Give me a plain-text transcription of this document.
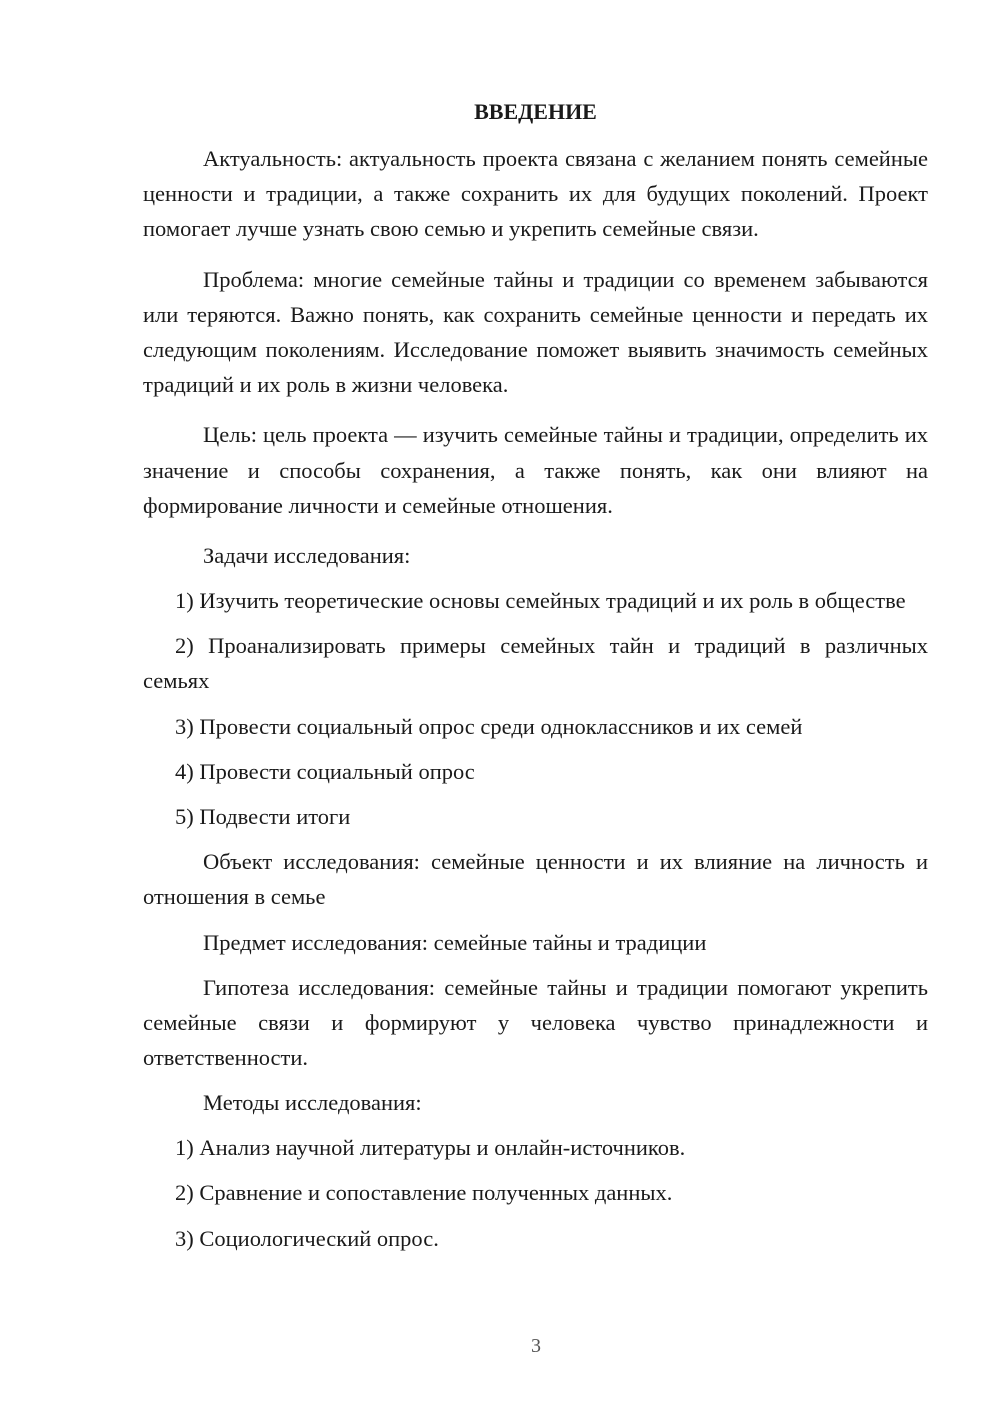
ВВЕДЕНИЕ

Актуальность: актуальность проекта связана с желанием понять семейные ценности и традиции, а также сохранить их для будущих поколений. Проект помогает лучше узнать свою семью и укрепить семейные связи.

Проблема: многие семейные тайны и традиции со временем забываются или теряются. Важно понять, как сохранить семейные ценности и передать их следующим поколениям. Исследование поможет выявить значимость семейных традиций и их роль в жизни человека.

Цель: цель проекта — изучить семейные тайны и традиции, определить их значение и способы сохранения, а также понять, как они влияют на формирование личности и семейные отношения.

Задачи исследования:

1) Изучить теоретические основы семейных традиций и их роль в обществе

2) Проанализировать примеры семейных тайн и традиций в различных семьях

3) Провести социальный опрос среди одноклассников и их семей

4) Провести социальный опрос

5) Подвести итоги

Объект исследования: семейные ценности и их влияние на личность и отношения в семье

Предмет исследования: семейные тайны и традиции

Гипотеза исследования: семейные тайны и традиции помогают укрепить семейные связи и формируют у человека чувство принадлежности и ответственности.

Методы исследования:

1) Анализ научной литературы и онлайн-источников.

2) Сравнение и сопоставление полученных данных.

3) Социологический опрос.

3
